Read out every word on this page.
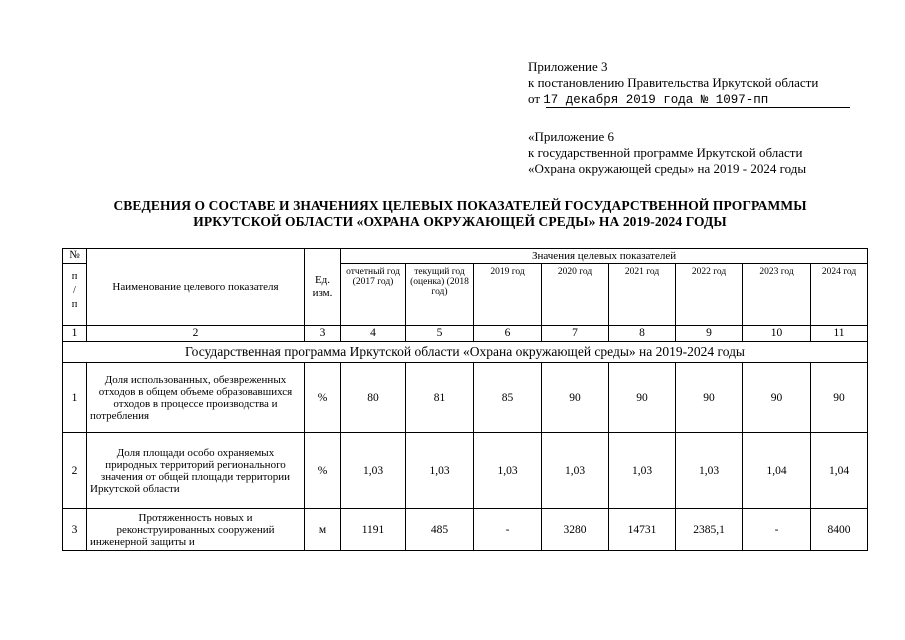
Приложение 3
к постановлению Правительства Иркутской области
от 17 декабря 2019 года № 1097-пп
«Приложение 6
к государственной программе Иркутской области
«Охрана окружающей среды» на 2019 - 2024 годы
СВЕДЕНИЯ О СОСТАВЕ И ЗНАЧЕНИЯХ ЦЕЛЕВЫХ ПОКАЗАТЕЛЕЙ ГОСУДАРСТВЕННОЙ ПРОГРАММЫ
ИРКУТСКОЙ ОБЛАСТИ «ОХРАНА ОКРУЖАЮЩЕЙ СРЕДЫ» НА 2019-2024 ГОДЫ
№
п / п	Наименование целевого показателя	Ед. изм.	Значения целевых показателей							
			отчетный год (2017 год)	текущий год (оценка) (2018 год)	2019 год	2020 год	2021 год	2022 год	2023 год	2024 год
1	2	3	4	5	6	7	8	9	10	11
Государственная программа Иркутской области «Охрана окружающей среды» на 2019-2024 годы										
1	Доля использованных, обезвреженных отходов в общем объеме образовавшихся отходов в процессе производства и потребления	%	80	81	85	90	90	90	90	90
2	Доля площади особо охраняемых природных территорий регионального значения от общей площади территории Иркутской области	%	1,03	1,03	1,03	1,03	1,03	1,03	1,04	1,04
3	Протяженность новых и реконструированных сооружений инженерной защиты и	м	1191	485	-	3280	14731	2385,1	-	8400
